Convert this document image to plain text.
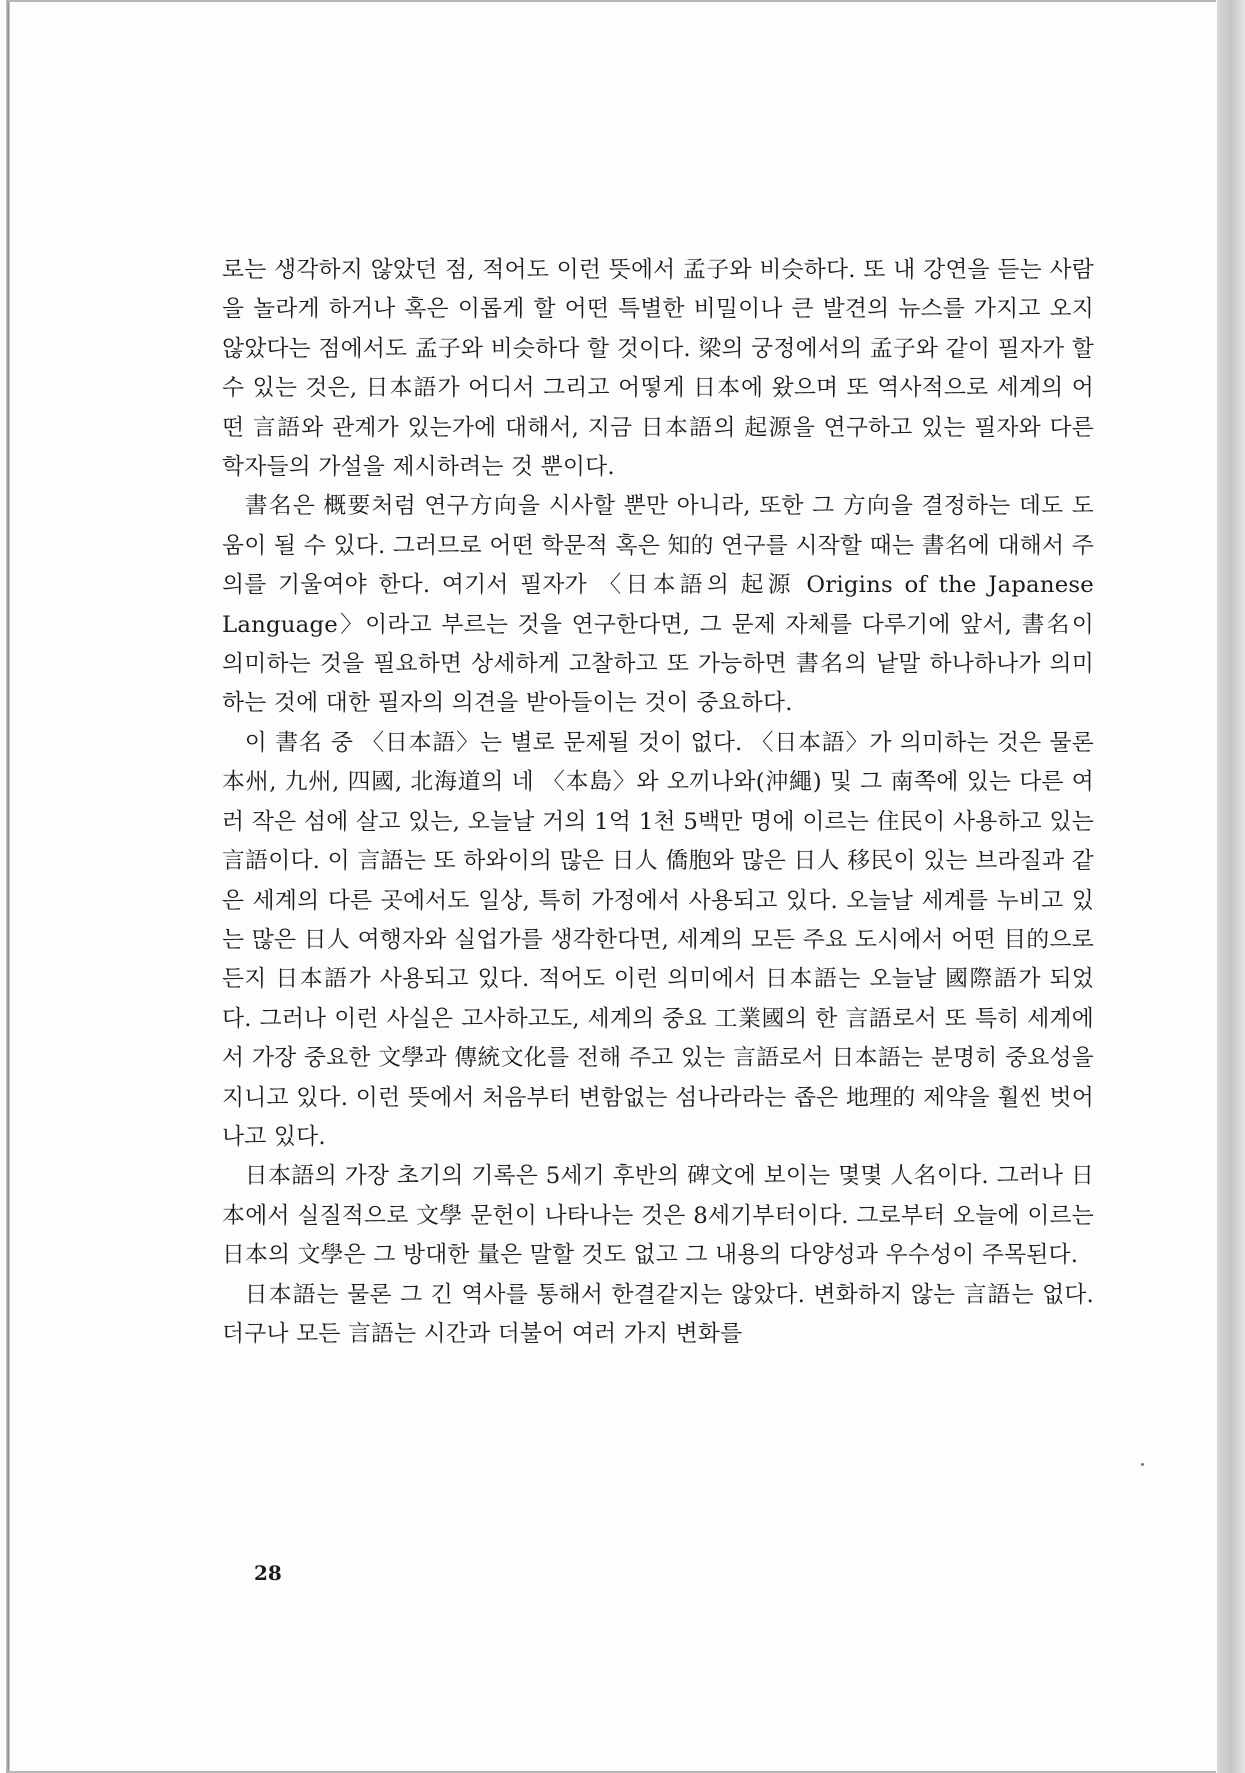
로는 생각하지 않았던 점, 적어도 이런 뜻에서 孟子와 비슷하다. 또 내 강연을 듣는 사람을 놀라게 하거나 혹은 이롭게 할 어떤 특별한 비밀이나 큰 발견의 뉴스를 가지고 오지 않았다는 점에서도 孟子와 비슷하다 할 것이다. 梁의 궁정에서의 孟子와 같이 필자가 할 수 있는 것은, 日本語가 어디서 그리고 어떻게 日本에 왔으며 또 역사적으로 세계의 어떤 言語와 관계가 있는가에 대해서, 지금 日本語의 起源을 연구하고 있는 필자와 다른 학자들의 가설을 제시하려는 것 뿐이다.

書名은 概要처럼 연구方向을 시사할 뿐만 아니라, 또한 그 方向을 결정하는 데도 도움이 될 수 있다. 그러므로 어떤 학문적 혹은 知的 연구를 시작할 때는 書名에 대해서 주의를 기울여야 한다. 여기서 필자가 〈日本語의 起源 Origins of the Japanese Language〉이라고 부르는 것을 연구한다면, 그 문제 자체를 다루기에 앞서, 書名이 의미하는 것을 필요하면 상세하게 고찰하고 또 가능하면 書名의 낱말 하나하나가 의미하는 것에 대한 필자의 의견을 받아들이는 것이 중요하다.

이 書名 중 〈日本語〉는 별로 문제될 것이 없다. 〈日本語〉가 의미하는 것은 물론 本州, 九州, 四國, 北海道의 네 〈本島〉와 오끼나와(沖繩) 및 그 南쪽에 있는 다른 여러 작은 섬에 살고 있는, 오늘날 거의 1억 1천 5백만 명에 이르는 住民이 사용하고 있는 言語이다. 이 言語는 또 하와이의 많은 日人 僑胞와 많은 日人 移民이 있는 브라질과 같은 세계의 다른 곳에서도 일상, 특히 가정에서 사용되고 있다. 오늘날 세계를 누비고 있는 많은 日人 여행자와 실업가를 생각한다면, 세계의 모든 주요 도시에서 어떤 目的으로든지 日本語가 사용되고 있다. 적어도 이런 의미에서 日本語는 오늘날 國際語가 되었다. 그러나 이런 사실은 고사하고도, 세계의 중요 工業國의 한 言語로서 또 특히 세계에서 가장 중요한 文學과 傳統文化를 전해 주고 있는 言語로서 日本語는 분명히 중요성을 지니고 있다. 이런 뜻에서 처음부터 변함없는 섬나라라는 좁은 地理的 제약을 훨씬 벗어나고 있다.

日本語의 가장 초기의 기록은 5세기 후반의 碑文에 보이는 몇몇 人名이다. 그러나 日本에서 실질적으로 文學 문헌이 나타나는 것은 8세기부터이다. 그로부터 오늘에 이르는 日本의 文學은 그 방대한 量은 말할 것도 없고 그 내용의 다양성과 우수성이 주목된다.

日本語는 물론 그 긴 역사를 통해서 한결같지는 않았다. 변화하지 않는 言語는 없다. 더구나 모든 言語는 시간과 더불어 여러 가지 변화를

28
